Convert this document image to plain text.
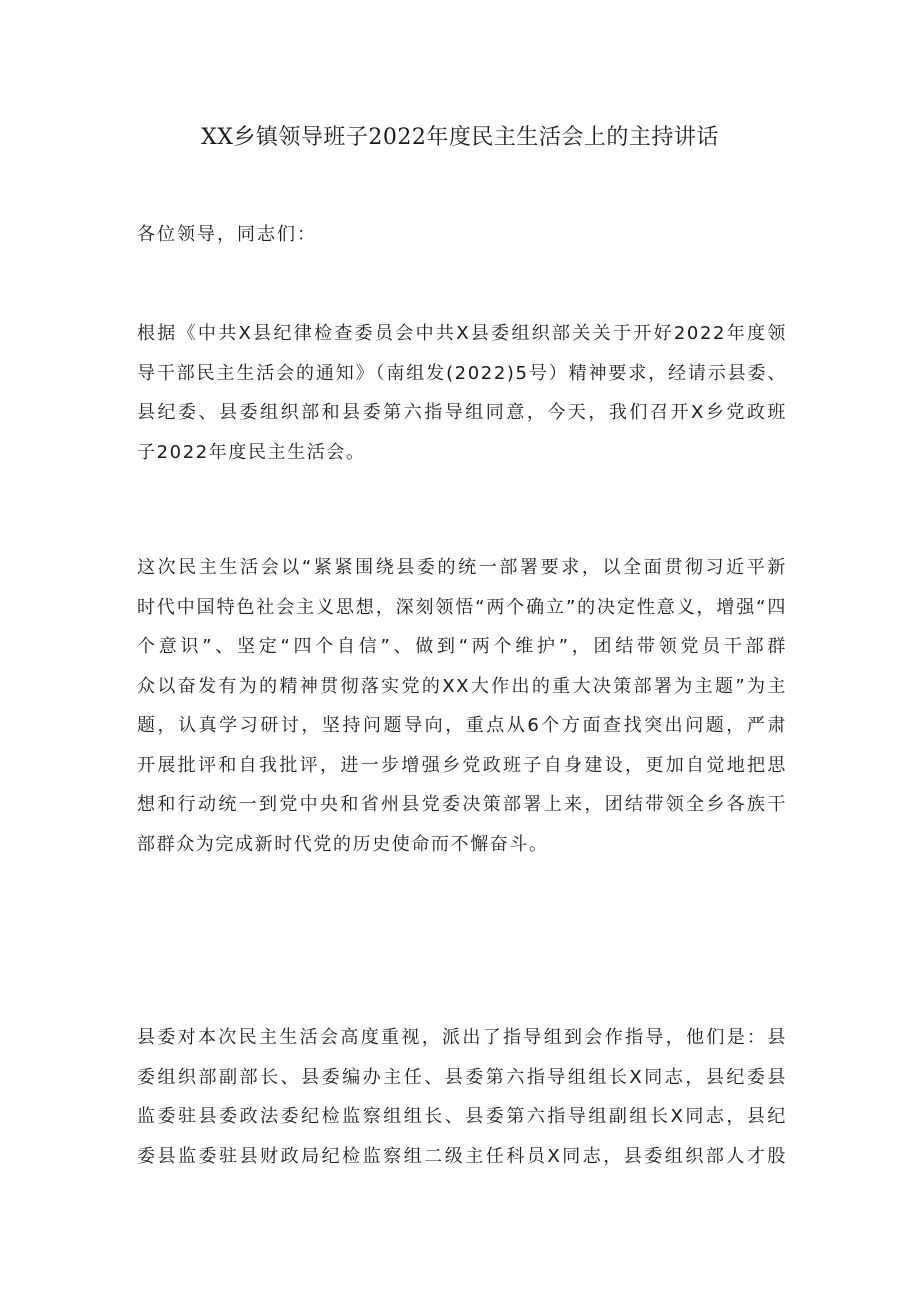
XX乡镇领导班子2022年度民主生活会上的主持讲话

各位领导，同志们：

根据《中共X县纪律检查委员会中共X县委组织部关关于开好2022年度领
导干部民主生活会的通知》（南组发(2022)5号）精神要求，经请示县委、
县纪委、县委组织部和县委第六指导组同意，今天，我们召开X乡党政班
子2022年度民主生活会。
这次民主生活会以“紧紧围绕县委的统一部署要求，以全面贯彻习近平新
时代中国特色社会主义思想，深刻领悟“两个确立”的决定性意义，增强“四
个意识”、坚定“四个自信”、做到“两个维护”，团结带领党员干部群
众以奋发有为的精神贯彻落实党的XX大作出的重大决策部署为主题”为主
题，认真学习研讨，坚持问题导向，重点从6个方面查找突出问题，严肃
开展批评和自我批评，进一步增强乡党政班子自身建设，更加自觉地把思
想和行动统一到党中央和省州县党委决策部署上来，团结带领全乡各族干
部群众为完成新时代党的历史使命而不懈奋斗。
县委对本次民主生活会高度重视，派出了指导组到会作指导，他们是：县
委组织部副部长、县委编办主任、县委第六指导组组长X同志，县纪委县
监委驻县委政法委纪检监察组组长、县委第六指导组副组长X同志，县纪
委县监委驻县财政局纪检监察组二级主任科员X同志，县委组织部人才股
